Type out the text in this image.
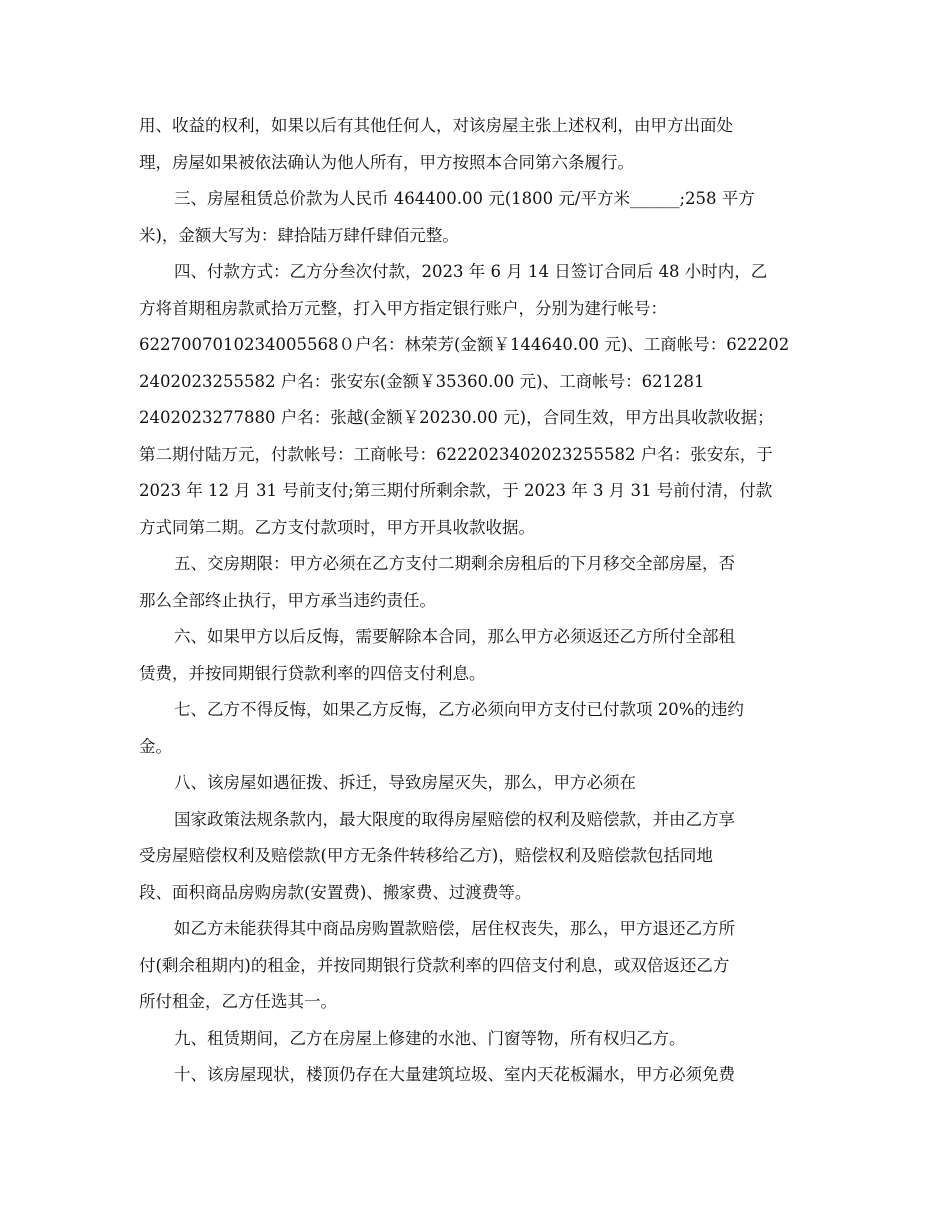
用、收益的权利，如果以后有其他任何人，对该房屋主张上述权利，由甲方出面处
理，房屋如果被依法确认为他人所有，甲方按照本合同第六条履行。
三、房屋租赁总价款为人民币 464400.00 元(1800 元/平方米______;258 平方
米)，金额大写为：肆拾陆万肆仟肆佰元整。
四、付款方式：乙方分叁次付款，2023 年 6 月 14 日签订合同后 48 小时内，乙
方将首期租房款贰拾万元整，打入甲方指定银行账户，分别为建行帐号：
6227007010234005568０户名：林荣芳(金额￥144640.00 元)、工商帐号：622202
2402023255582 户名：张安东(金额￥35360.00 元)、工商帐号：621281
2402023277880 户名：张越(金额￥20230.00 元)，合同生效，甲方出具收款收据；
第二期付陆万元，付款帐号：工商帐号：6222023402023255582 户名：张安东，于
2023 年 12 月 31 号前支付;第三期付所剩余款，于 2023 年 3 月 31 号前付清，付款
方式同第二期。乙方支付款项时，甲方开具收款收据。
五、交房期限：甲方必须在乙方支付二期剩余房租后的下月移交全部房屋，否
那么全部终止执行，甲方承当违约责任。
六、如果甲方以后反悔，需要解除本合同，那么甲方必须返还乙方所付全部租
赁费，并按同期银行贷款利率的四倍支付利息。
七、乙方不得反悔，如果乙方反悔，乙方必须向甲方支付已付款项 20%的违约
金。
八、该房屋如遇征拨、拆迁，导致房屋灭失，那么，甲方必须在
国家政策法规条款内，最大限度的取得房屋赔偿的权利及赔偿款，并由乙方享
受房屋赔偿权利及赔偿款(甲方无条件转移给乙方)，赔偿权利及赔偿款包括同地
段、面积商品房购房款(安置费)、搬家费、过渡费等。
如乙方未能获得其中商品房购置款赔偿，居住权丧失，那么，甲方退还乙方所
付(剩余租期内)的租金，并按同期银行贷款利率的四倍支付利息，或双倍返还乙方
所付租金，乙方任选其一。
九、租赁期间，乙方在房屋上修建的水池、门窗等物，所有权归乙方。
十、该房屋现状，楼顶仍存在大量建筑垃圾、室内天花板漏水，甲方必须免费
